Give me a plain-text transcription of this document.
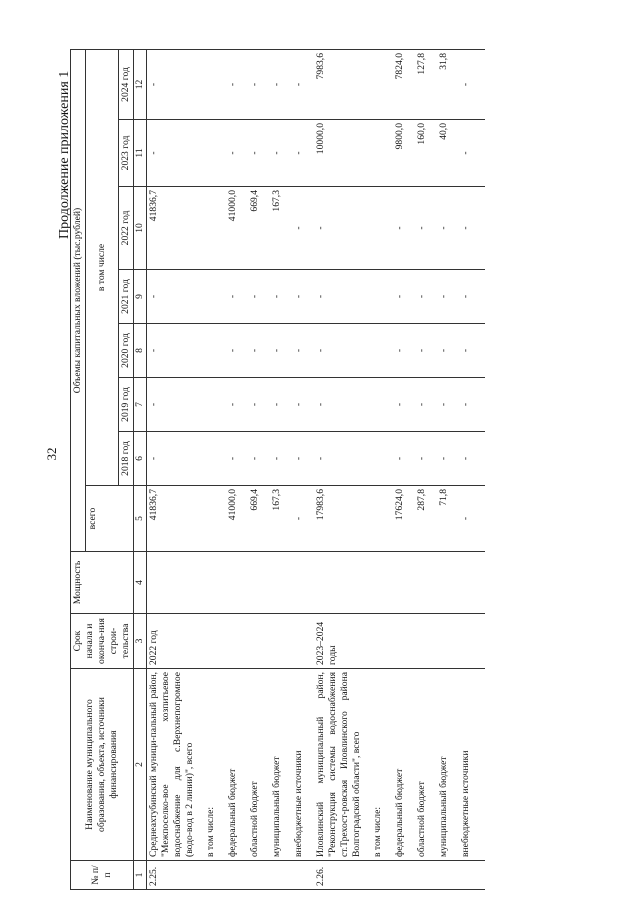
32
Продолжение приложения 1
№ п/п	Наименование муниципального образования, объекта, источники финансирования	Срок начала и оконча-ния строи-тельства	Мощность	Объемы капитальных вложений (тыс.рублей)							
				всего	в том числе						
					2018 год	2019 год	2020 год	2021 год	2022 год	2023 год	2024 год
1	2	3	4	5	6	7	8	9	10	11	12
2.25.	Среднеахтубинский муници-пальный район, "Межпоселко-вое хозпитьевое водоснабжение для с.Верхнепогромное (водо-вод в 2 линии)", всего	2022 год		41836,7	-	-	-	-	41836,7	-	-
	в том числе:										
	федеральный бюджет			41000,0	-	-	-	-	41000,0	-	-
	областной бюджет			669,4	-	-	-	-	669,4	-	-
	муниципальный бюджет			167,3	-	-	-	-	167,3	-	-
	внебюджетные источники			-	-	-	-	-	-	-	-
2.26.	Иловлинский муниципальный район, "Реконструкция системы водоснабжения ст.Трехост-ровская Иловлинского района Волгоградской области", всего	2023–2024 годы		17983,6	-	-	-	-	-	10000,0	7983,6
	в том числе:										
	федеральный бюджет			17624,0	-	-	-	-	-	9800,0	7824,0
	областной бюджет			287,8	-	-	-	-	-	160,0	127,8
	муниципальный бюджет			71,8	-	-	-	-	-	40,0	31,8
	внебюджетные источники			-	-	-	-	-	-	-	-
